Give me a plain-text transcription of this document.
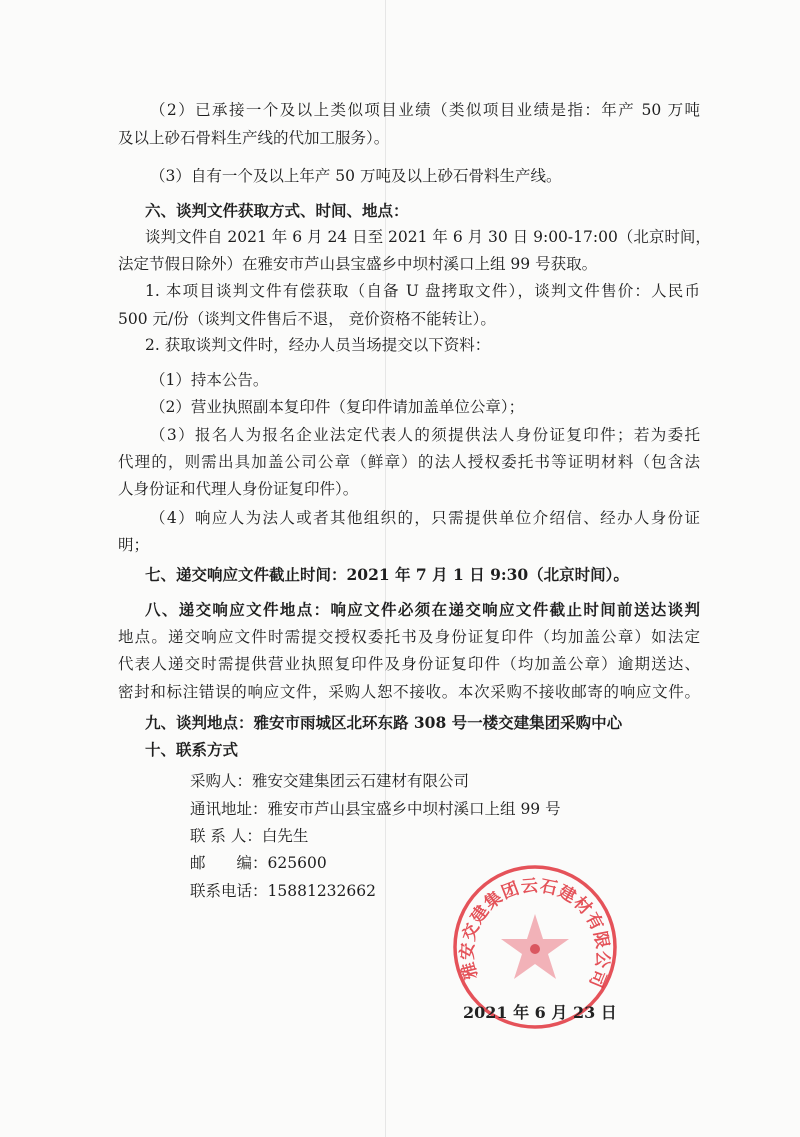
（2）已承接一个及以上类似项目业绩（类似项目业绩是指：年产 50 万吨
及以上砂石骨料生产线的代加工服务）。
（3）自有一个及以上年产 50 万吨及以上砂石骨料生产线。
六、谈判文件获取方式、时间、地点：
谈判文件自 2021 年 6 月 24 日至 2021 年 6 月 30 日 9:00-17:00（北京时间，
法定节假日除外）在雅安市芦山县宝盛乡中坝村溪口上组 99 号获取。
1. 本项目谈判文件有偿获取（自备 U 盘拷取文件），谈判文件售价：人民币
500 元/份（谈判文件售后不退， 竞价资格不能转让）。
2. 获取谈判文件时，经办人员当场提交以下资料：
（1）持本公告。
（2）营业执照副本复印件（复印件请加盖单位公章）；
（3）报名人为报名企业法定代表人的须提供法人身份证复印件；若为委托
代理的，则需出具加盖公司公章（鲜章）的法人授权委托书等证明材料（包含法
人身份证和代理人身份证复印件）。
（4）响应人为法人或者其他组织的，只需提供单位介绍信、经办人身份证
明；
七、递交响应文件截止时间：2021 年 7 月 1 日 9:30（北京时间）。
八、递交响应文件地点：响应文件必须在递交响应文件截止时间前送达谈判
地点。递交响应文件时需提交授权委托书及身份证复印件（均加盖公章）如法定
代表人递交时需提供营业执照复印件及身份证复印件（均加盖公章）逾期送达、
密封和标注错误的响应文件，采购人恕不接收。本次采购不接收邮寄的响应文件。
九、谈判地点：雅安市雨城区北环东路 308 号一楼交建集团采购中心
十、联系方式
采购人：雅安交建集团云石建材有限公司
通讯地址：雅安市芦山县宝盛乡中坝村溪口上组 99 号
联 系 人：白先生
邮　　编：625600
联系电话：15881232662
雅安交建集团云石建材有限公司
2021 年 6 月 23 日
